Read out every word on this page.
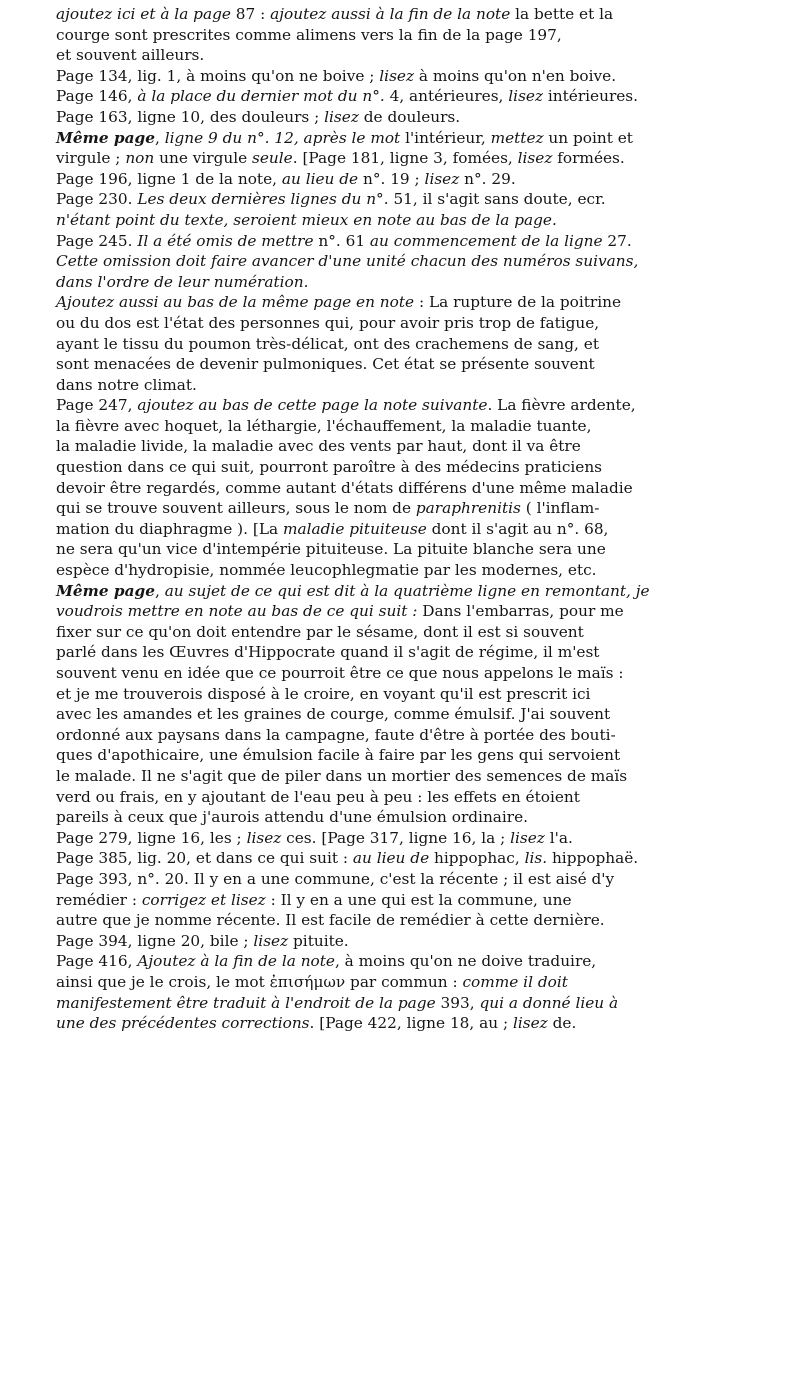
ajoutez ici et à la page 87 : ajoutez aussi à la fin de la note la bette et la
courge sont prescrites comme alimens vers la fin de la page 197,
et souvent ailleurs.

Page 134, lig. 1, à moins qu'on ne boive ; lisez à moins qu'on n'en boive.

Page 146, à la place du dernier mot du n°. 4, antérieures, lisez intérieures.

Page 163, ligne 10, des douleurs ; lisez de douleurs.

Même page, ligne 9 du n°. 12, après le mot l'intérieur, mettez un point et
virgule ; non une virgule seule. [Page 181, ligne 3, fomées, lisez formées.

Page 196, ligne 1 de la note, au lieu de n°. 19 ; lisez n°. 29.

Page 230. Les deux dernières lignes du n°. 51, il s'agit sans doute, ecr.
n'étant point du texte, seroient mieux en note au bas de la page.

Page 245. Il a été omis de mettre n°. 61 au commencement de la ligne 27.
Cette omission doit faire avancer d'une unité chacun des numéros suivans,
dans l'ordre de leur numération.

Ajoutez aussi au bas de la même page en note : La rupture de la poitrine
ou du dos est l'état des personnes qui, pour avoir pris trop de fatigue,
ayant le tissu du poumon très-délicat, ont des crachemens de sang, et
sont menacées de devenir pulmoniques. Cet état se présente souvent
dans notre climat.

Page 247, ajoutez au bas de cette page la note suivante. La fièvre ardente,
la fièvre avec hoquet, la léthargie, l'échauffement, la maladie tuante,
la maladie livide, la maladie avec des vents par haut, dont il va être
question dans ce qui suit, pourront paroître à des médecins praticiens
devoir être regardés, comme autant d'états différens d'une même maladie
qui se trouve souvent ailleurs, sous le nom de paraphrenitis ( l'inflam-
mation du diaphragme ). [La maladie pituiteuse dont il s'agit au n°. 68,
ne sera qu'un vice d'intempérie pituiteuse. La pituite blanche sera une
espèce d'hydropisie, nommée leucophlegmatie par les modernes, etc.

Même page, au sujet de ce qui est dit à la quatrième ligne en remontant, je
voudrois mettre en note au bas de ce qui suit : Dans l'embarras, pour me
fixer sur ce qu'on doit entendre par le sésame, dont il est si souvent
parlé dans les Œuvres d'Hippocrate quand il s'agit de régime, il m'est
souvent venu en idée que ce pourroit être ce que nous appelons le maïs :
et je me trouverois disposé à le croire, en voyant qu'il est prescrit ici
avec les amandes et les graines de courge, comme émulsif. J'ai souvent
ordonné aux paysans dans la campagne, faute d'être à portée des bouti-
ques d'apothicaire, une émulsion facile à faire par les gens qui servoient
le malade. Il ne s'agit que de piler dans un mortier des semences de maïs
verd ou frais, en y ajoutant de l'eau peu à peu : les effets en étoient
pareils à ceux que j'aurois attendu d'une émulsion ordinaire.

Page 279, ligne 16, les ; lisez ces. [Page 317, ligne 16, la ; lisez l'a.

Page 385, lig. 20, et dans ce qui suit : au lieu de hippophac, lis. hippophaë.

Page 393, n°. 20. Il y en a une commune, c'est la récente ; il est aisé d'y
remédier : corrigez et lisez : Il y en a une qui est la commune, une
autre que je nomme récente. Il est facile de remédier à cette dernière.

Page 394, ligne 20, bile ; lisez pituite.

Page 416, Ajoutez à la fin de la note, à moins qu'on ne doive traduire,
ainsi que je le crois, le mot ἐπισήμων par commun : comme il doit
manifestement être traduit à l'endroit de la page 393, qui a donné lieu à
une des précédentes corrections. [Page 422, ligne 18, au ; lisez de.
